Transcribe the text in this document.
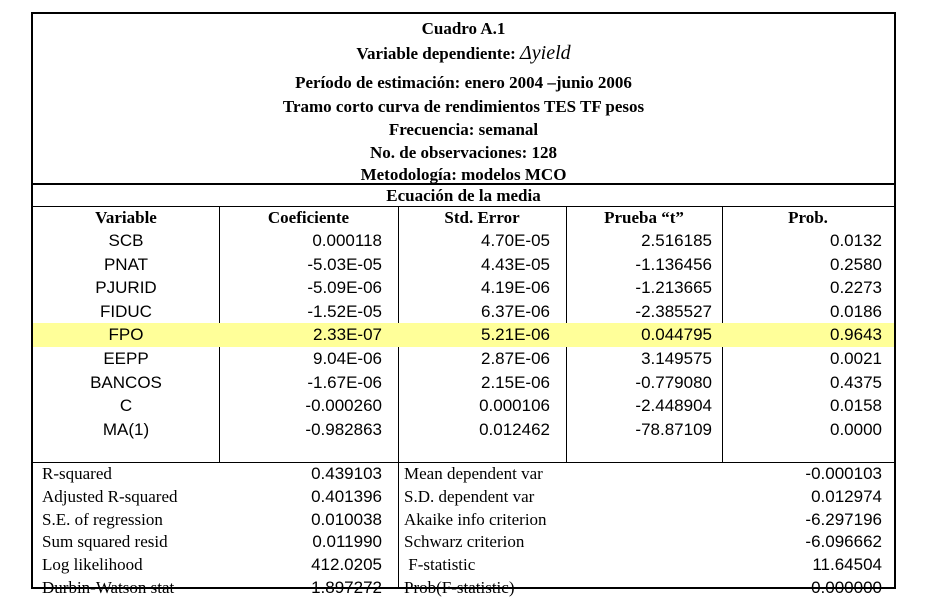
Cuadro A.1
Variable dependiente: Δyield
Período de estimación: enero 2004 –junio 2006
Tramo corto curva de rendimientos TES TF pesos
Frecuencia: semanal
No. de observaciones: 128
Metodología: modelos MCO
Ecuación de la media
Variable	Coeficiente	Std. Error	Prueba “t”	Prob.
SCB	0.000118	4.70E-05	2.516185	0.0132
PNAT	-5.03E-05	4.43E-05	-1.136456	0.2580
PJURID	-5.09E-06	4.19E-06	-1.213665	0.2273
FIDUC	-1.52E-05	6.37E-06	-2.385527	0.0186
FPO	2.33E-07	5.21E-06	0.044795	0.9643
EEPP	9.04E-06	2.87E-06	3.149575	0.0021
BANCOS	-1.67E-06	2.15E-06	-0.779080	0.4375
C	-0.000260	0.000106	-2.448904	0.0158
MA(1)	-0.982863	0.012462	-78.87109	0.0000
R-squared	0.439103 Mean dependent var	-0.000103
Adjusted R-squared	0.401396 S.D. dependent var	0.012974
S.E. of regression	0.010038 Akaike info criterion	-6.297196
Sum squared resid	0.011990 Schwarz criterion	-6.096662
Log likelihood	412.0205 F-statistic	11.64504
Durbin-Watson stat	1.897272 Prob(F-statistic)	0.000000
